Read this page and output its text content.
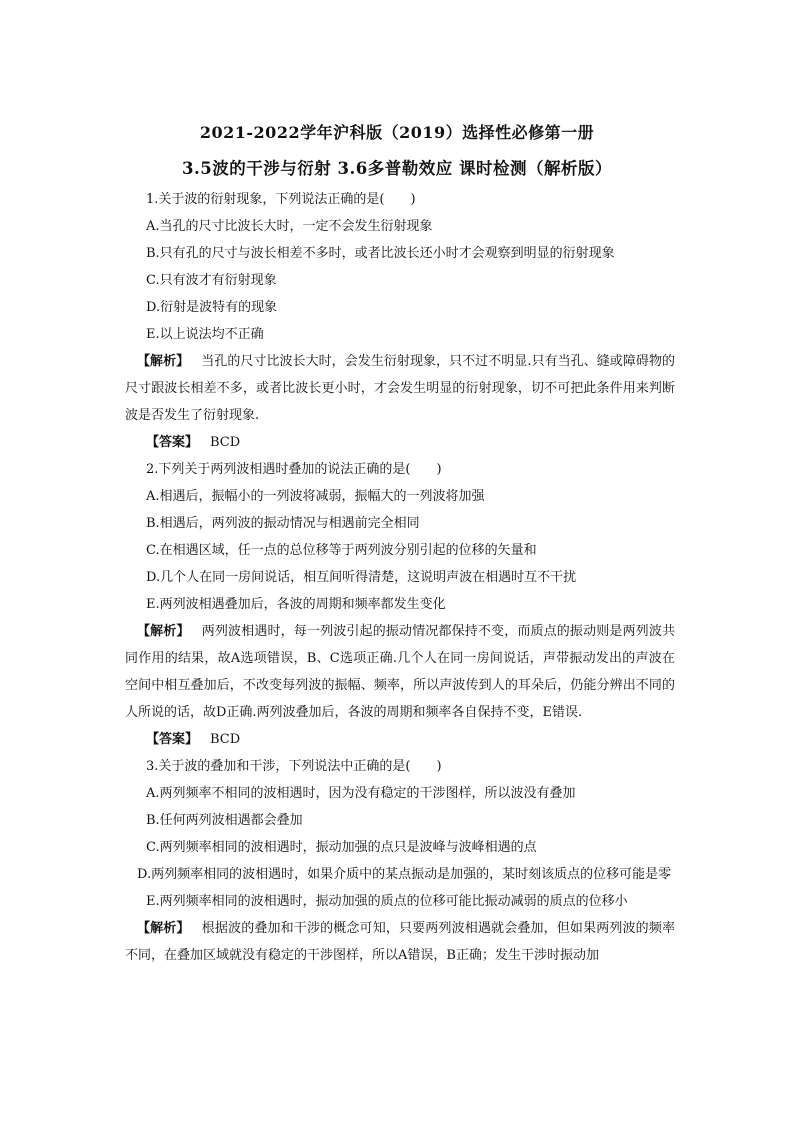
2021-2022学年沪科版（2019）选择性必修第一册
3.5波的干涉与衍射 3.6多普勒效应 课时检测（解析版）
1.关于波的衍射现象，下列说法正确的是(　　)
A.当孔的尺寸比波长大时，一定不会发生衍射现象
B.只有孔的尺寸与波长相差不多时，或者比波长还小时才会观察到明显的衍射现象
C.只有波才有衍射现象
D.衍射是波特有的现象
E.以上说法均不正确

【解析】 当孔的尺寸比波长大时，会发生衍射现象，只不过不明显.只有当孔、缝或障碍物的尺寸跟波长相差不多，或者比波长更小时，才会发生明显的衍射现象，切不可把此条件用来判断波是否发生了衍射现象.

【答案】 BCD
2.下列关于两列波相遇时叠加的说法正确的是(　　)
A.相遇后，振幅小的一列波将减弱，振幅大的一列波将加强
B.相遇后，两列波的振动情况与相遇前完全相同
C.在相遇区域，任一点的总位移等于两列波分别引起的位移的矢量和
D.几个人在同一房间说话，相互间听得清楚，这说明声波在相遇时互不干扰
E.两列波相遇叠加后，各波的周期和频率都发生变化

【解析】 两列波相遇时，每一列波引起的振动情况都保持不变，而质点的振动则是两列波共同作用的结果，故A选项错误，B、C选项正确.几个人在同一房间说话，声带振动发出的声波在空间中相互叠加后，不改变每列波的振幅、频率，所以声波传到人的耳朵后，仍能分辨出不同的人所说的话，故D正确.两列波叠加后，各波的周期和频率各自保持不变，E错误.

【答案】 BCD
3.关于波的叠加和干涉，下列说法中正确的是(　　)
A.两列频率不相同的波相遇时，因为没有稳定的干涉图样，所以波没有叠加
B.任何两列波相遇都会叠加
C.两列频率相同的波相遇时，振动加强的点只是波峰与波峰相遇的点

D.两列频率相同的波相遇时，如果介质中的某点振动是加强的，某时刻该质点的位移可能是零

E.两列频率相同的波相遇时，振动加强的质点的位移可能比振动减弱的质点的位移小

【解析】 根据波的叠加和干涉的概念可知，只要两列波相遇就会叠加，但如果两列波的频率不同，在叠加区域就没有稳定的干涉图样，所以A错误，B正确；发生干涉时振动加
